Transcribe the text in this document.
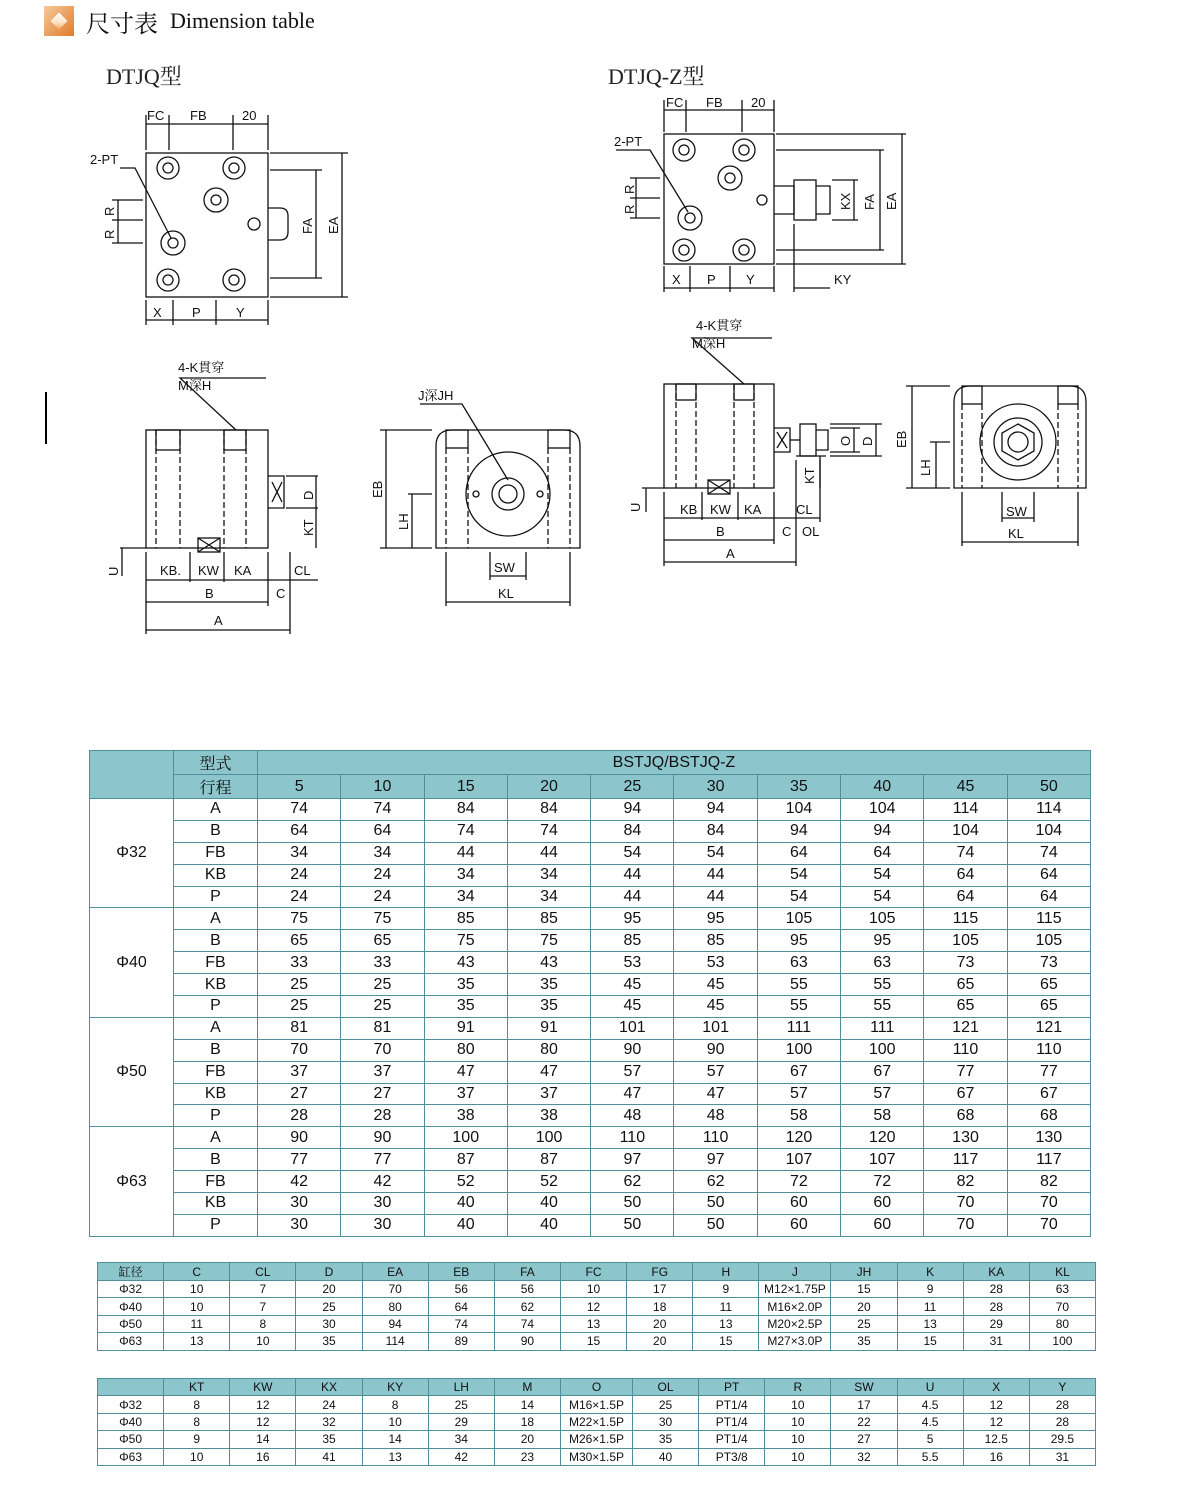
尺寸表 Dimension table
DTJQ型	DTJQ-Z型
FC FB	20
2-PT
R
R
FA EA
X P	Y
4-K貫穿
M深H
D
KT
U	KB. KW KA	CL
B	C
A
J深JH
EB
LH
SW
KL
FC FB 20
2-PT
R
R	KX FA EA
X P Y	KY
4-K貫穿
M深H
O D
KT
U	KB KW KA	CL
B	C OL
A
EB
LH
SW
KL
	型式	BSTJQ/BSTJQ-Z									
	行程	5	10	15	20	25	30	35	40	45	50
Φ32	A	74	74	84	84	94	94	104	104	114	114
	B	64	64	74	74	84	84	94	94	104	104
	FB	34	34	44	44	54	54	64	64	74	74
	KB	24	24	34	34	44	44	54	54	64	64
	P	24	24	34	34	44	44	54	54	64	64
Φ40	A	75	75	85	85	95	95	105	105	115	115
	B	65	65	75	75	85	85	95	95	105	105
	FB	33	33	43	43	53	53	63	63	73	73
	KB	25	25	35	35	45	45	55	55	65	65
	P	25	25	35	35	45	45	55	55	65	65
Φ50	A	81	81	91	91	101	101	111	111	121	121
	B	70	70	80	80	90	90	100	100	110	110
	FB	37	37	47	47	57	57	67	67	77	77
	KB	27	27	37	37	47	47	57	57	67	67
	P	28	28	38	38	48	48	58	58	68	68
Φ63	A	90	90	100	100	110	110	120	120	130	130
	B	77	77	87	87	97	97	107	107	117	117
	FB	42	42	52	52	62	62	72	72	82	82
	KB	30	30	40	40	50	50	60	60	70	70
	P	30	30	40	40	50	50	60	60	70	70
缸径	C	CL	D	EA	EB	FA	FC	FG	H	J	JH	K	KA	KL
Φ32	10	7	20	70	56	56	10	17	9	M12×1.75P	15	9	28	63
Φ40	10	7	25	80	64	62	12	18	11	M16×2.0P	20	11	28	70
Φ50	11	8	30	94	74	74	13	20	13	M20×2.5P	25	13	29	80
Φ63	13	10	35	114	89	90	15	20	15	M27×3.0P	35	15	31	100
	KT	KW	KX	KY	LH	M	O	OL	PT	R	SW	U	X	Y
Φ32	8	12	24	8	25	14	M16×1.5P	25	PT1/4	10	17	4.5	12	28
Φ40	8	12	32	10	29	18	M22×1.5P	30	PT1/4	10	22	4.5	12	28
Φ50	9	14	35	14	34	20	M26×1.5P	35	PT1/4	10	27	5	12.5	29.5
Φ63	10	16	41	13	42	23	M30×1.5P	40	PT3/8	10	32	5.5	16	31
